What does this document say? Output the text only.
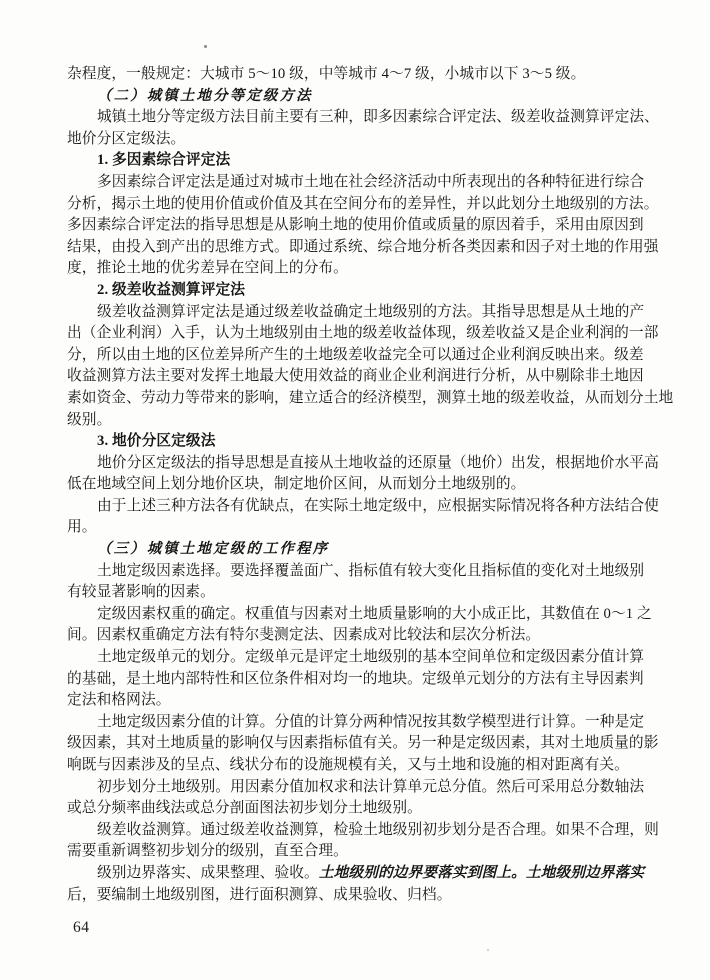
杂程度，一般规定：大城市 5～10 级，中等城市 4～7 级，小城市以下 3～5 级。
（二）城镇土地分等定级方法
城镇土地分等定级方法目前主要有三种，即多因素综合评定法、级差收益测算评定法、
地价分区定级法。
1. 多因素综合评定法
多因素综合评定法是通过对城市土地在社会经济活动中所表现出的各种特征进行综合
分析，揭示土地的使用价值或价值及其在空间分布的差异性，并以此划分土地级别的方法。
多因素综合评定法的指导思想是从影响土地的使用价值或质量的原因着手，采用由原因到
结果，由投入到产出的思维方式。即通过系统、综合地分析各类因素和因子对土地的作用强
度，推论土地的优劣差异在空间上的分布。
2. 级差收益测算评定法
级差收益测算评定法是通过级差收益确定土地级别的方法。其指导思想是从土地的产
出（企业利润）入手，认为土地级别由土地的级差收益体现，级差收益又是企业利润的一部
分，所以由土地的区位差异所产生的土地级差收益完全可以通过企业利润反映出来。级差
收益测算方法主要对发挥土地最大使用效益的商业企业利润进行分析，从中剔除非土地因
素如资金、劳动力等带来的影响，建立适合的经济模型，测算土地的级差收益，从而划分土地
级别。
3. 地价分区定级法
地价分区定级法的指导思想是直接从土地收益的还原量（地价）出发，根据地价水平高
低在地域空间上划分地价区块，制定地价区间，从而划分土地级别的。
由于上述三种方法各有优缺点，在实际土地定级中，应根据实际情况将各种方法结合使
用。
（三）城镇土地定级的工作程序
土地定级因素选择。要选择覆盖面广、指标值有较大变化且指标值的变化对土地级别
有较显著影响的因素。
定级因素权重的确定。权重值与因素对土地质量影响的大小成正比，其数值在 0～1 之
间。因素权重确定方法有特尔斐测定法、因素成对比较法和层次分析法。
土地定级单元的划分。定级单元是评定土地级别的基本空间单位和定级因素分值计算
的基础，是土地内部特性和区位条件相对均一的地块。定级单元划分的方法有主导因素判
定法和格网法。
土地定级因素分值的计算。分值的计算分两种情况按其数学模型进行计算。一种是定
级因素，其对土地质量的影响仅与因素指标值有关。另一种是定级因素，其对土地质量的影
响既与因素涉及的呈点、线状分布的设施规模有关，又与土地和设施的相对距离有关。
初步划分土地级别。用因素分值加权求和法计算单元总分值。然后可采用总分数轴法
或总分频率曲线法或总分剖面图法初步划分土地级别。
级差收益测算。通过级差收益测算，检验土地级别初步划分是否合理。如果不合理，则
需要重新调整初步划分的级别，直至合理。
级别边界落实、成果整理、验收。土地级别的边界要落实到图上。土地级别边界落实
后，要编制土地级别图，进行面积测算、成果验收、归档。
64
